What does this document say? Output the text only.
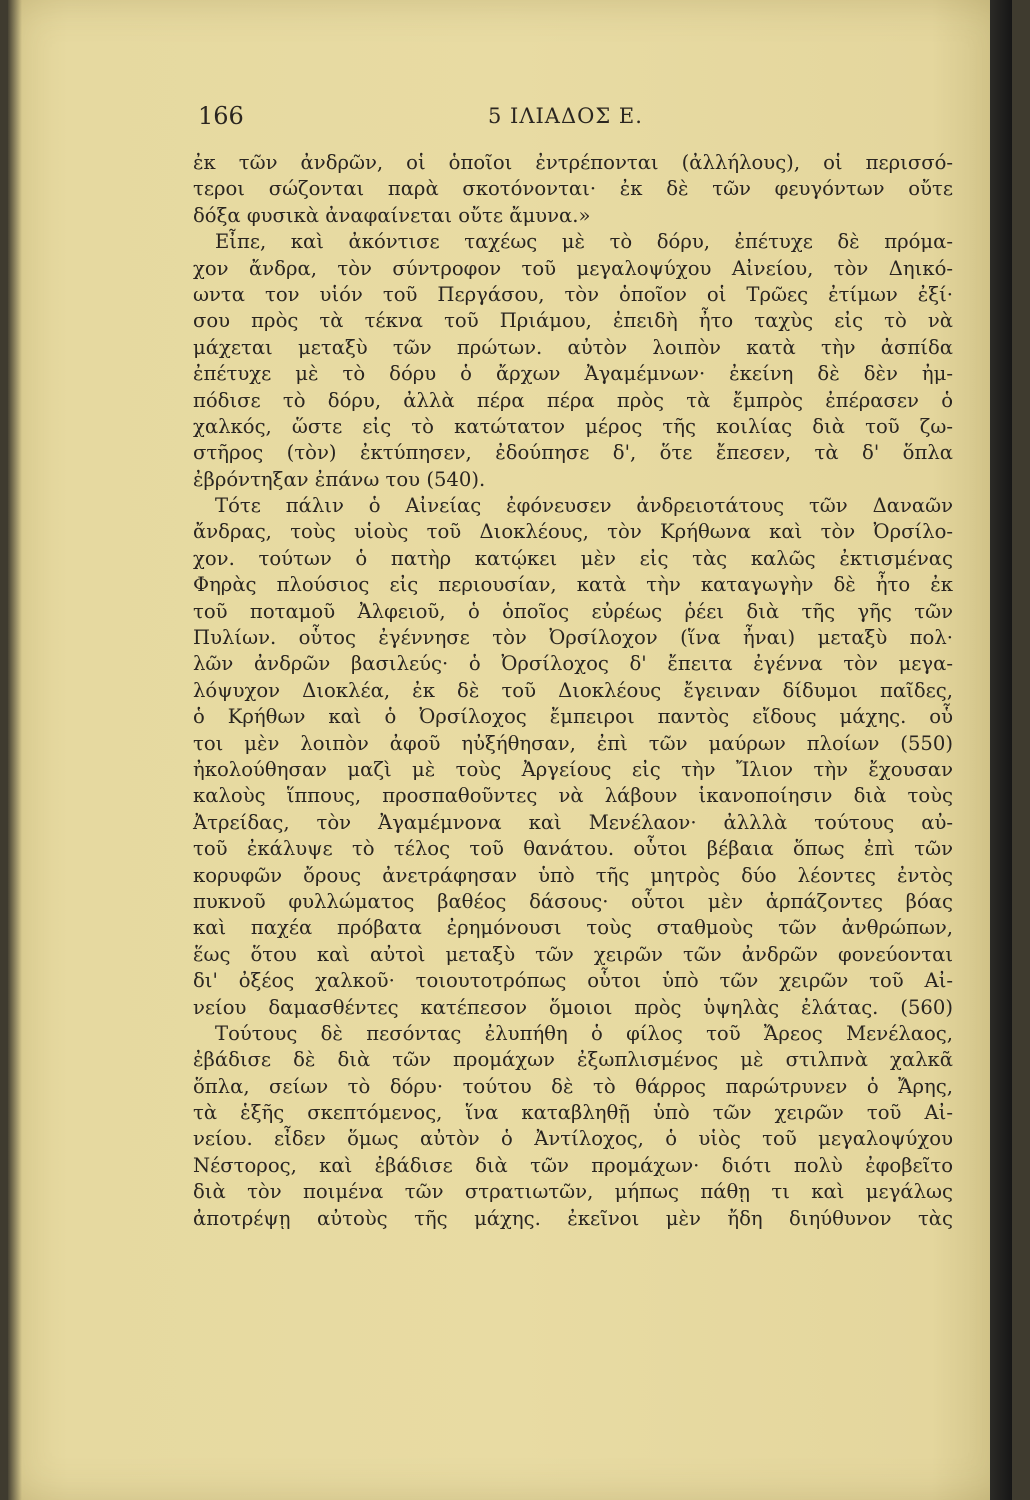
166	5 ΙΛΙΑΔΟΣ Ε.
ἐκ τῶν ἀνδρῶν, οἱ ὁποῖοι ἐντρέπονται (ἀλλήλους), οἱ περισσό-
τεροι σώζονται παρὰ σκοτόνονται· ἐκ δὲ τῶν φευγόντων οὔτε
δόξα φυσικὰ ἀναφαίνεται οὔτε ἄμυνα.»
Εἶπε, καὶ ἀκόντισε ταχέως μὲ τὸ δόρυ, ἐπέτυχε δὲ πρόμα-
χον ἄνδρα, τὸν σύντροφον τοῦ μεγαλοψύχου Αἰνείου, τὸν Δηικό-
ωντα τον υἱόν τοῦ Περγάσου, τὸν ὁποῖον οἱ Τρῶες ἐτίμων ἐξί·
σου πρὸς τὰ τέκνα τοῦ Πριάμου, ἐπειδὴ ἦτο ταχὺς εἰς τὸ νὰ
μάχεται μεταξὺ τῶν πρώτων. αὐτὸν λοιπὸν κατὰ τὴν ἀσπίδα
ἐπέτυχε μὲ τὸ δόρυ ὁ ἄρχων Ἀγαμέμνων· ἐκείνη δὲ δὲν ἠμ-
πόδισε τὸ δόρυ, ἀλλὰ πέρα πέρα πρὸς τὰ ἔμπρὸς ἐπέρασεν ὁ
χαλκός, ὥστε εἰς τὸ κατώτατον μέρος τῆς κοιλίας διὰ τοῦ ζω-
στῆρος (τὸν) ἐκτύπησεν, ἐδούπησε δ', ὅτε ἔπεσεν, τὰ δ' ὅπλα
ἐβρόντηξαν ἐπάνω του (540).
Τότε πάλιν ὁ Αἰνείας ἐφόνευσεν ἀνδρειοτάτους τῶν Δαναῶν
ἄνδρας, τοὺς υἱοὺς τοῦ Διοκλέους, τὸν Κρήθωνα καὶ τὸν Ὀρσίλο-
χον. τούτων ὁ πατὴρ κατῴκει μὲν εἰς τὰς καλῶς ἐκτισμένας
Φηρὰς πλούσιος εἰς περιουσίαν, κατὰ τὴν καταγωγὴν δὲ ἦτο ἐκ
τοῦ ποταμοῦ Ἀλφειοῦ, ὁ ὁποῖος εὐρέως ῥέει διὰ τῆς γῆς τῶν
Πυλίων. οὗτος ἐγέννησε τὸν Ὀρσίλοχον (ἵνα ἦναι) μεταξὺ πολ·
λῶν ἀνδρῶν βασιλεύς· ὁ Ὀρσίλοχος δ' ἔπειτα ἐγέννα τὸν μεγα-
λόψυχον Διοκλέα, ἐκ δὲ τοῦ Διοκλέους ἔγειναν δίδυμοι παῖδες,
ὁ Κρήθων καὶ ὁ Ὀρσίλοχος ἔμπειροι παντὸς εἴδους μάχης. οὗ
τοι μὲν λοιπὸν ἀφοῦ ηὐξήθησαν, ἐπὶ τῶν μαύρων πλοίων (550)
ἠκολούθησαν μαζὶ μὲ τοὺς Ἀργείους εἰς τὴν Ἴλιον τὴν ἔχουσαν
καλοὺς ἵππους, προσπαθοῦντες νὰ λάβουν ἱκανοποίησιν διὰ τοὺς
Ἀτρείδας, τὸν Ἀγαμέμνονα καὶ Μενέλαον· ἀλλλὰ τούτους αὐ-
τοῦ ἐκάλυψε τὸ τέλος τοῦ θανάτου. οὗτοι βέβαια ὅπως ἐπὶ τῶν
κορυφῶν ὄρους ἀνετράφησαν ὑπὸ τῆς μητρὸς δύο λέοντες ἐντὸς
πυκνοῦ φυλλώματος βαθέος δάσους· οὗτοι μὲν ἁρπάζοντες βόας
καὶ παχέα πρόβατα ἐρημόνουσι τοὺς σταθμοὺς τῶν ἀνθρώπων,
ἕως ὅτου καὶ αὐτοὶ μεταξὺ τῶν χειρῶν τῶν ἀνδρῶν φονεύονται
δι' ὀξέος χαλκοῦ· τοιουτοτρόπως οὗτοι ὑπὸ τῶν χειρῶν τοῦ Αἰ-
νείου δαμασθέντες κατέπεσον ὅμοιοι πρὸς ὑψηλὰς ἐλάτας. (560)
Τούτους δὲ πεσόντας ἐλυπήθη ὁ φίλος τοῦ Ἄρεος Μενέλαος,
ἐβάδισε δὲ διὰ τῶν προμάχων ἐξωπλισμένος μὲ στιλπνὰ χαλκᾶ
ὅπλα, σείων τὸ δόρυ· τούτου δὲ τὸ θάρρος παρώτρυνεν ὁ Ἄρης,
τὰ ἑξῆς σκεπτόμενος, ἵνα καταβληθῇ ὑπὸ τῶν χειρῶν τοῦ Αἰ-
νείου. εἶδεν ὅμως αὐτὸν ὁ Ἀντίλοχος, ὁ υἱὸς τοῦ μεγαλοψύχου
Νέστορος, καὶ ἐβάδισε διὰ τῶν προμάχων· διότι πολὺ ἐφοβεῖτο
διὰ τὸν ποιμένα τῶν στρατιωτῶν, μήπως πάθῃ τι καὶ μεγάλως
ἀποτρέψῃ αὐτοὺς τῆς μάχης. ἐκεῖνοι μὲν ἤδη διηύθυνον τὰς
